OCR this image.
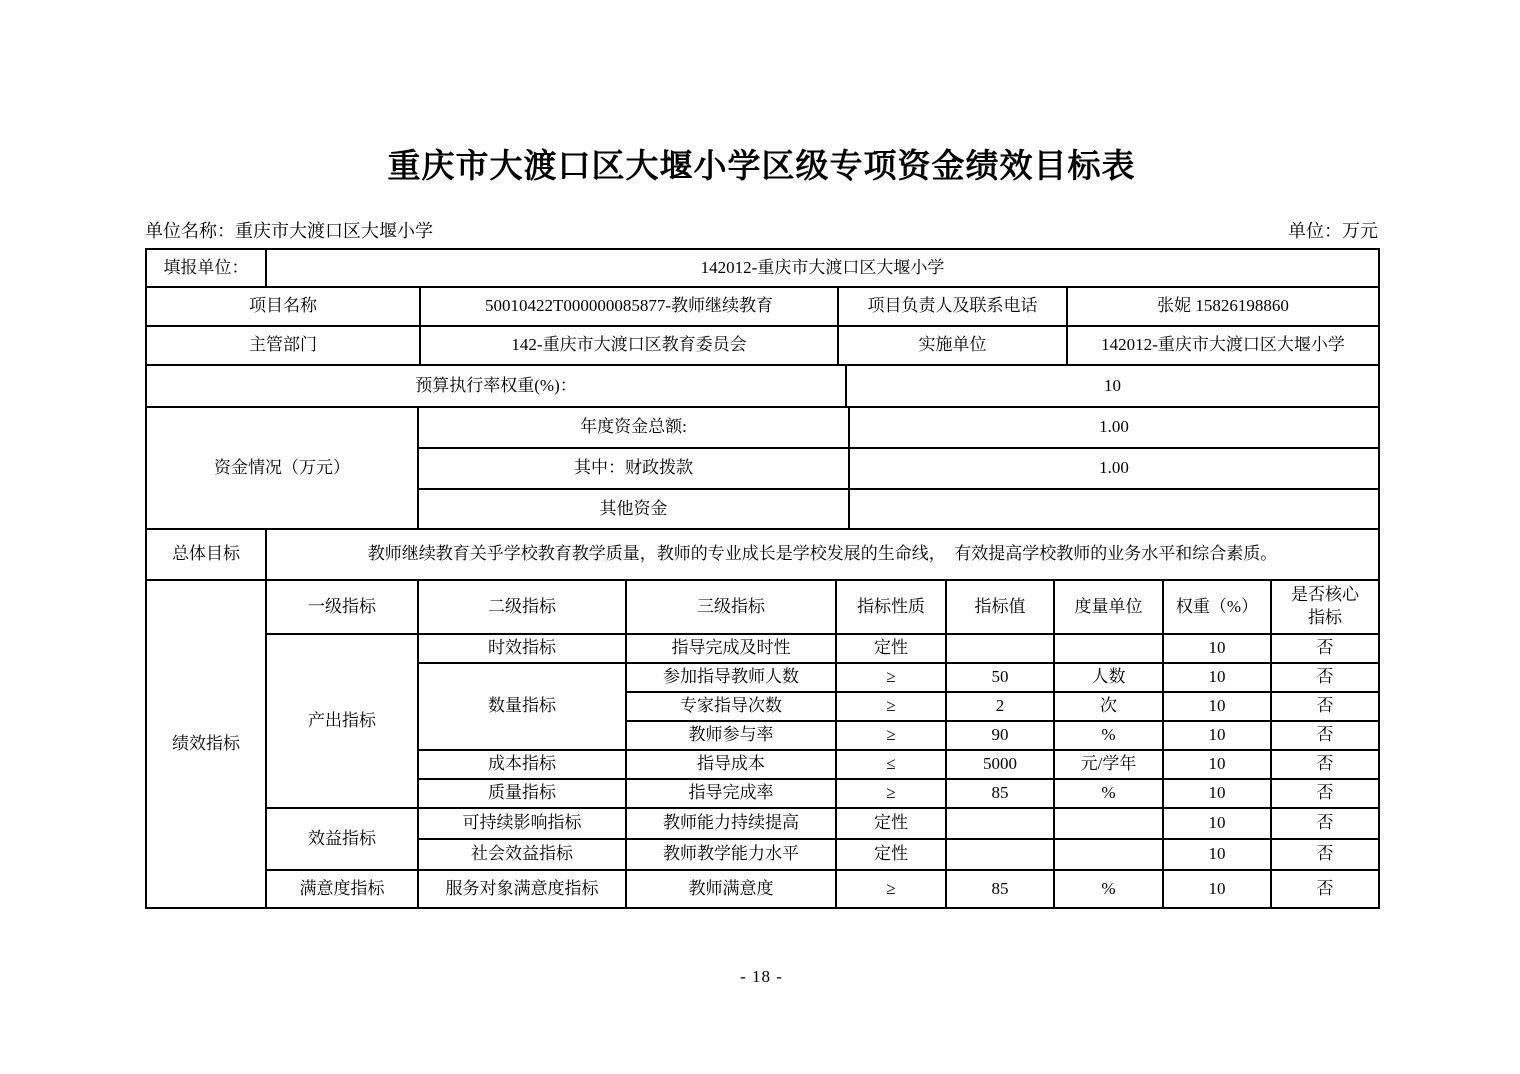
重庆市大渡口区大堰小学区级专项资金绩效目标表
单位名称：重庆市大渡口区大堰小学	单位：万元
填报单位：	142012-重庆市大渡口区大堰小学
项目名称	50010422T000000085877-教师继续教育	项目负责人及联系电话	张妮 15826198860
主管部门	142-重庆市大渡口区教育委员会	实施单位	142012-重庆市大渡口区大堰小学
预算执行率权重(%)：	10
资金情况（万元）	年度资金总额:	1.00
	其中：财政拨款	1.00
	其他资金	
总体目标	教师继续教育关乎学校教育教学质量，教师的专业成长是学校发展的生命线，　有效提高学校教师的业务水平和综合素质。
绩效指标	一级指标	二级指标	三级指标	指标性质	指标值	度量单位	权重（%）	是否核心指标
	产出指标	时效指标	指导完成及时性	定性			10	否
		数量指标	参加指导教师人数	≥	50	人数	10	否
			专家指导次数	≥	2	次	10	否
			教师参与率	≥	90	%	10	否
		成本指标	指导成本	≤	5000	元/学年	10	否
		质量指标	指导完成率	≥	85	%	10	否
	效益指标	可持续影响指标	教师能力持续提高	定性			10	否
		社会效益指标	教师教学能力水平	定性			10	否
	满意度指标	服务对象满意度指标	教师满意度	≥	85	%	10	否
- 18 -
